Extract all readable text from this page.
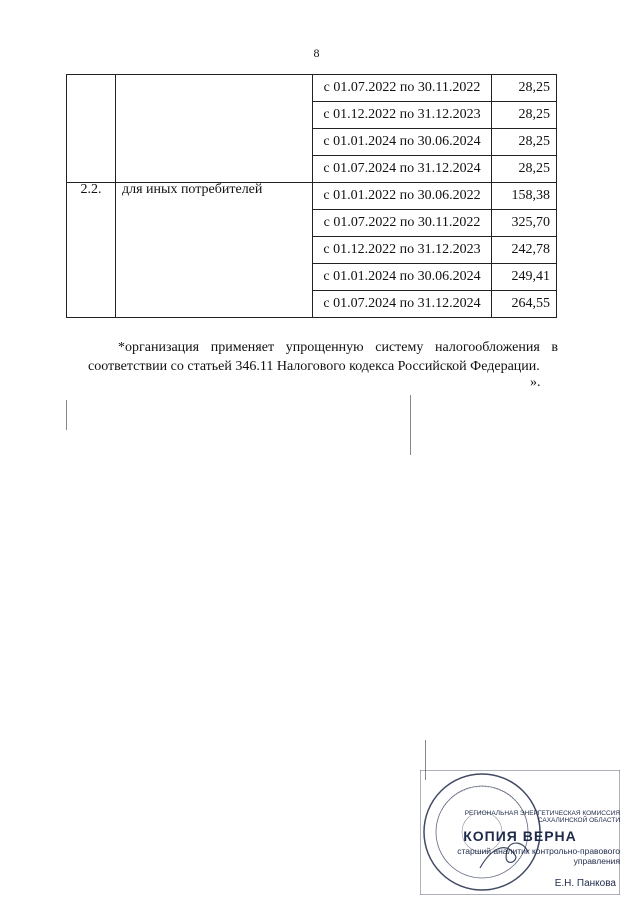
8
		с 01.07.2022 по 30.11.2022	28,25
		с 01.12.2022 по 31.12.2023	28,25
		с 01.01.2024 по 30.06.2024	28,25
		с 01.07.2024 по 31.12.2024	28,25
2.2.	для иных потребителей	с 01.01.2022 по 30.06.2022	158,38
		с 01.07.2022 по 30.11.2022	325,70
		с 01.12.2022 по 31.12.2023	242,78
		с 01.01.2024 по 30.06.2024	249,41
		с 01.07.2024 по 31.12.2024	264,55
*организация применяет упрощенную систему налогообложения в соответствии со статьей 346.11 Налогового кодекса Российской Федерации.
».
РЕГИОНАЛЬНАЯ ЭНЕРГЕТИЧЕСКАЯ КОМИССИЯ САХАЛИНСКОЙ ОБЛАСТИ
КОПИЯ ВЕРНА
старший аналитик контрольно-правового управления
Е.Н. Панкова
